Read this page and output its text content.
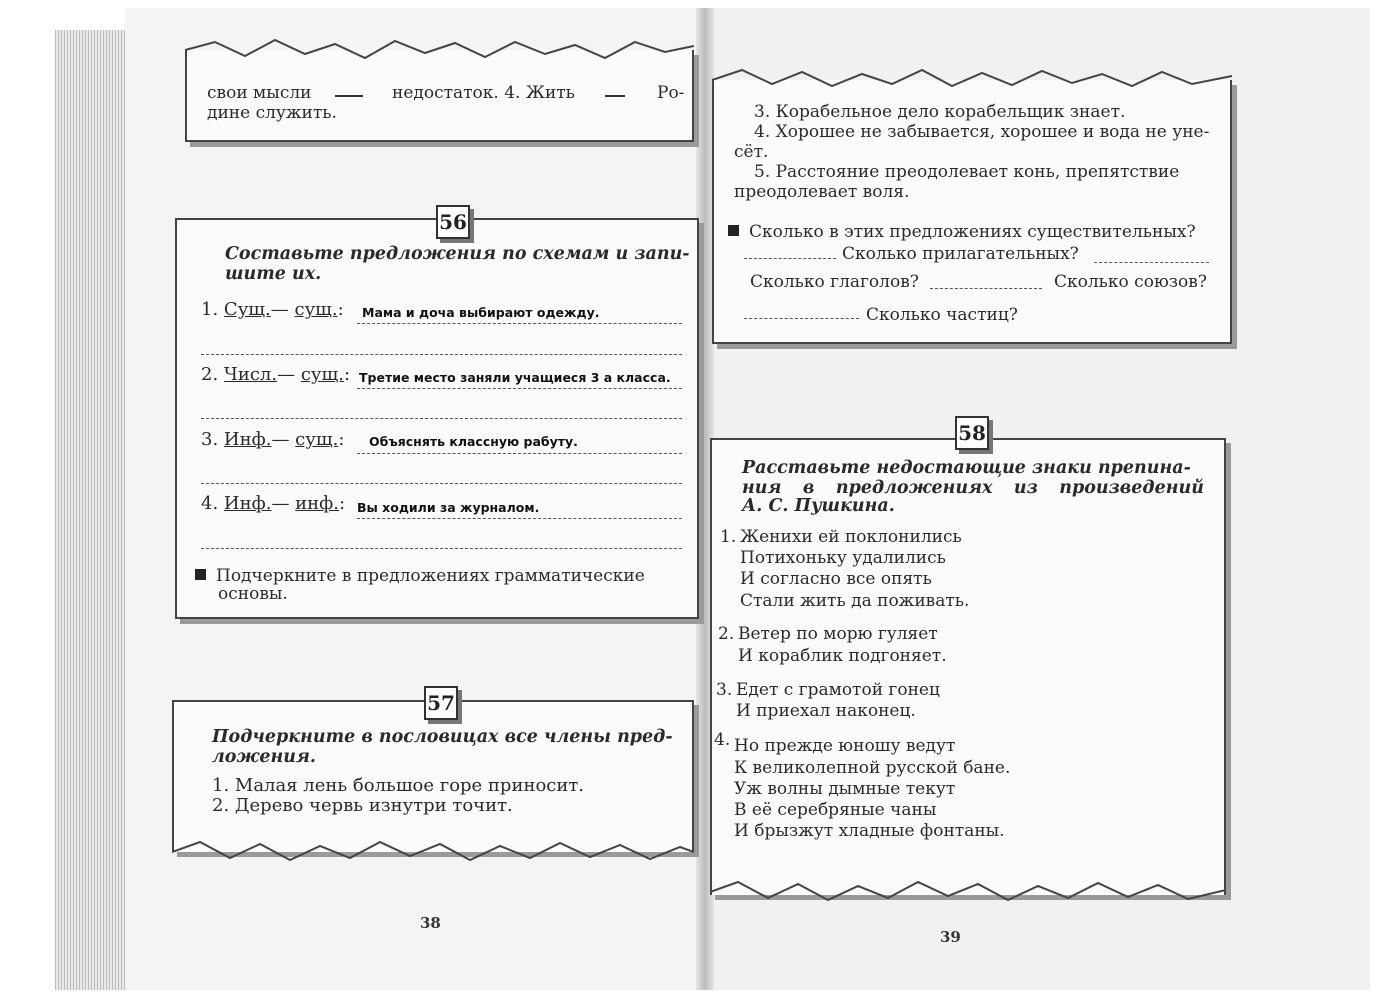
свои мысли	недостаток. 4. Жить	Ро-
дине служить.
Составьте предложения по схемам и запи-
шите их.
1. Сущ.— сущ.: Мама и доча выбирают одежду.
2. Числ.— сущ.: Третие место заняли учащиеся 3 а класса.
3. Инф.— сущ.: Объяснять классную рабуту.
4. Инф.— инф.: Вы ходили за журналом.
Подчеркните в предложениях грамматические
основы.
56
Подчеркните в пословицах все члены пред-
ложения.
1. Малая лень большое горе приносит.
2. Дерево червь изнутри точит.
57
38
3. Корабельное дело корабельщик знает.
4. Хорошее не забывается, хорошее и вода не уне-
сёт.
5. Расстояние преодолевает конь, препятствие
преодолевает воля.
Сколько в этих предложениях существительных?
Сколько прилагательных?
Сколько глаголов?	Сколько союзов?
Сколько частиц?
Расставьте недостающие знаки препина-
ния в предложениях из произведений
А. С. Пушкина.
1. Женихи ей поклонились
Потихоньку удалились
И согласно все опять
Стали жить да поживать.
2. Ветер по морю гуляет
И кораблик подгоняет.
3. Едет с грамотой гонец
И приехал наконец.
4. Но прежде юношу ведут
К великолепной русской бане.
Уж волны дымные текут
В её серебряные чаны
И брызжут хладные фонтаны.
58
39
